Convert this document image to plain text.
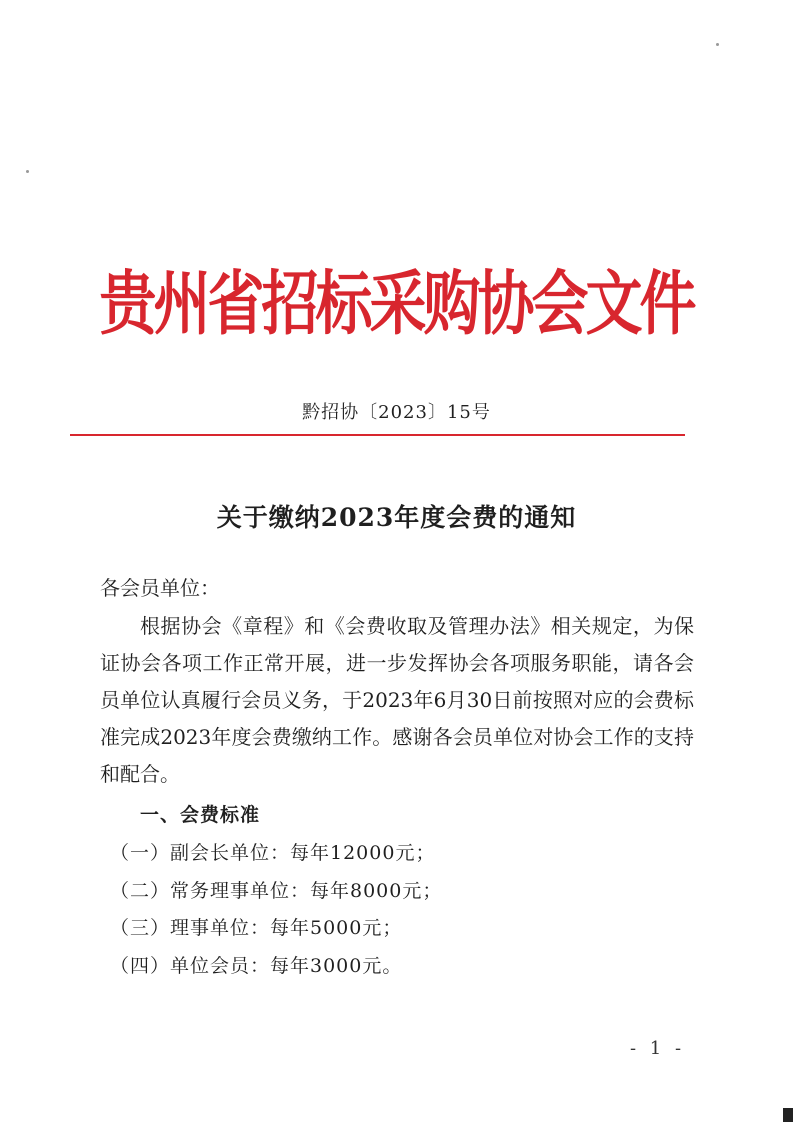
贵州省招标采购协会文件
黔招协〔2023〕15号
关于缴纳2023年度会费的通知
各会员单位：
根据协会《章程》和《会费收取及管理办法》相关规定，为保证协会各项工作正常开展，进一步发挥协会各项服务职能，请各会员单位认真履行会员义务，于2023年6月30日前按照对应的会费标准完成2023年度会费缴纳工作。感谢各会员单位对协会工作的支持和配合。
一、会费标准
（一）副会长单位：每年12000元；
（二）常务理事单位：每年8000元；
（三）理事单位：每年5000元；
（四）单位会员：每年3000元。
- 1 -
